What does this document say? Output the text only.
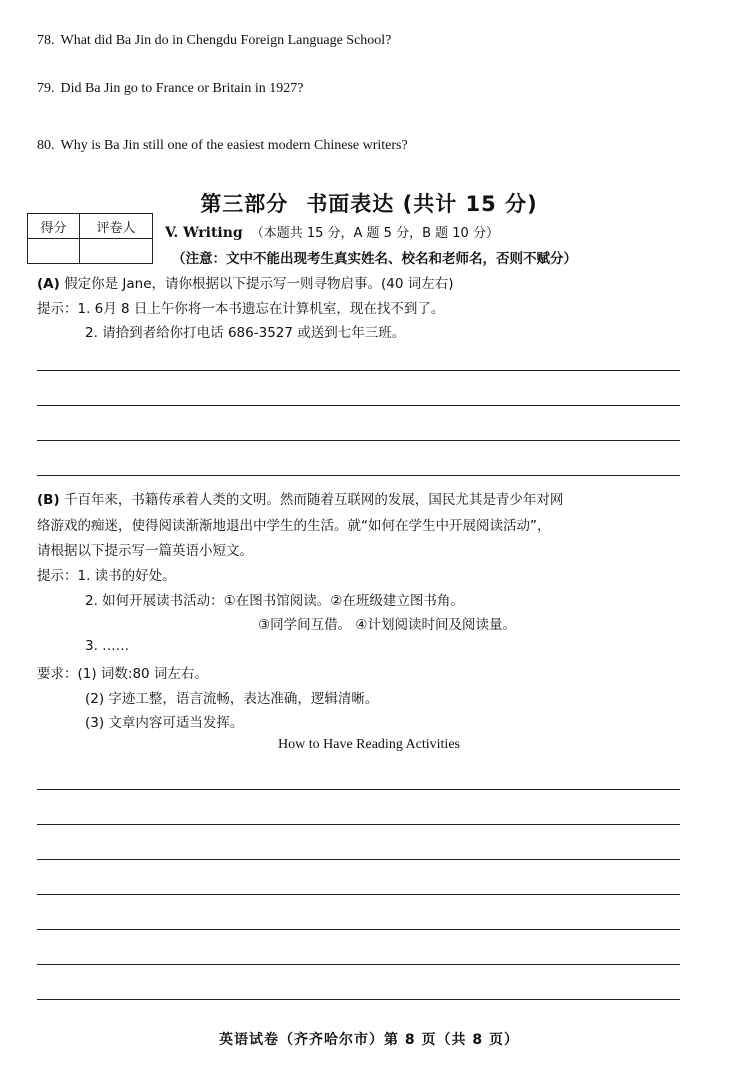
78. What did Ba Jin do in Chengdu Foreign Language School?
79. Did Ba Jin go to France or Britain in 1927?
80. Why is Ba Jin still one of the easiest modern Chinese writers?
第三部分 书面表达 (共计 15 分)
得分	评卷人
	V. Writing （本题共 15 分，A 题 5 分，B 题 10 分）
（注意：文中不能出现考生真实姓名、校名和老师名，否则不赋分）
(A) 假定你是 Jane，请你根据以下提示写一则寻物启事。(40 词左右)
提示：1. 6月 8 日上午你将一本书遗忘在计算机室，现在找不到了。
2. 请拾到者给你打电话 686-3527 或送到七年三班。
(B) 千百年来，书籍传承着人类的文明。然而随着互联网的发展，国民尤其是青少年对网
络游戏的痴迷，使得阅读渐渐地退出中学生的生活。就“如何在学生中开展阅读活动”，
请根据以下提示写一篇英语小短文。
提示：1. 读书的好处。
2. 如何开展读书活动：①在图书馆阅读。②在班级建立图书角。
③同学间互借。 ④计划阅读时间及阅读量。
3. ……
要求：(1) 词数:80 词左右。
(2) 字迹工整，语言流畅，表达准确，逻辑清晰。
(3) 文章内容可适当发挥。
How to Have Reading Activities
英语试卷（齐齐哈尔市）第 8 页（共 8 页）
